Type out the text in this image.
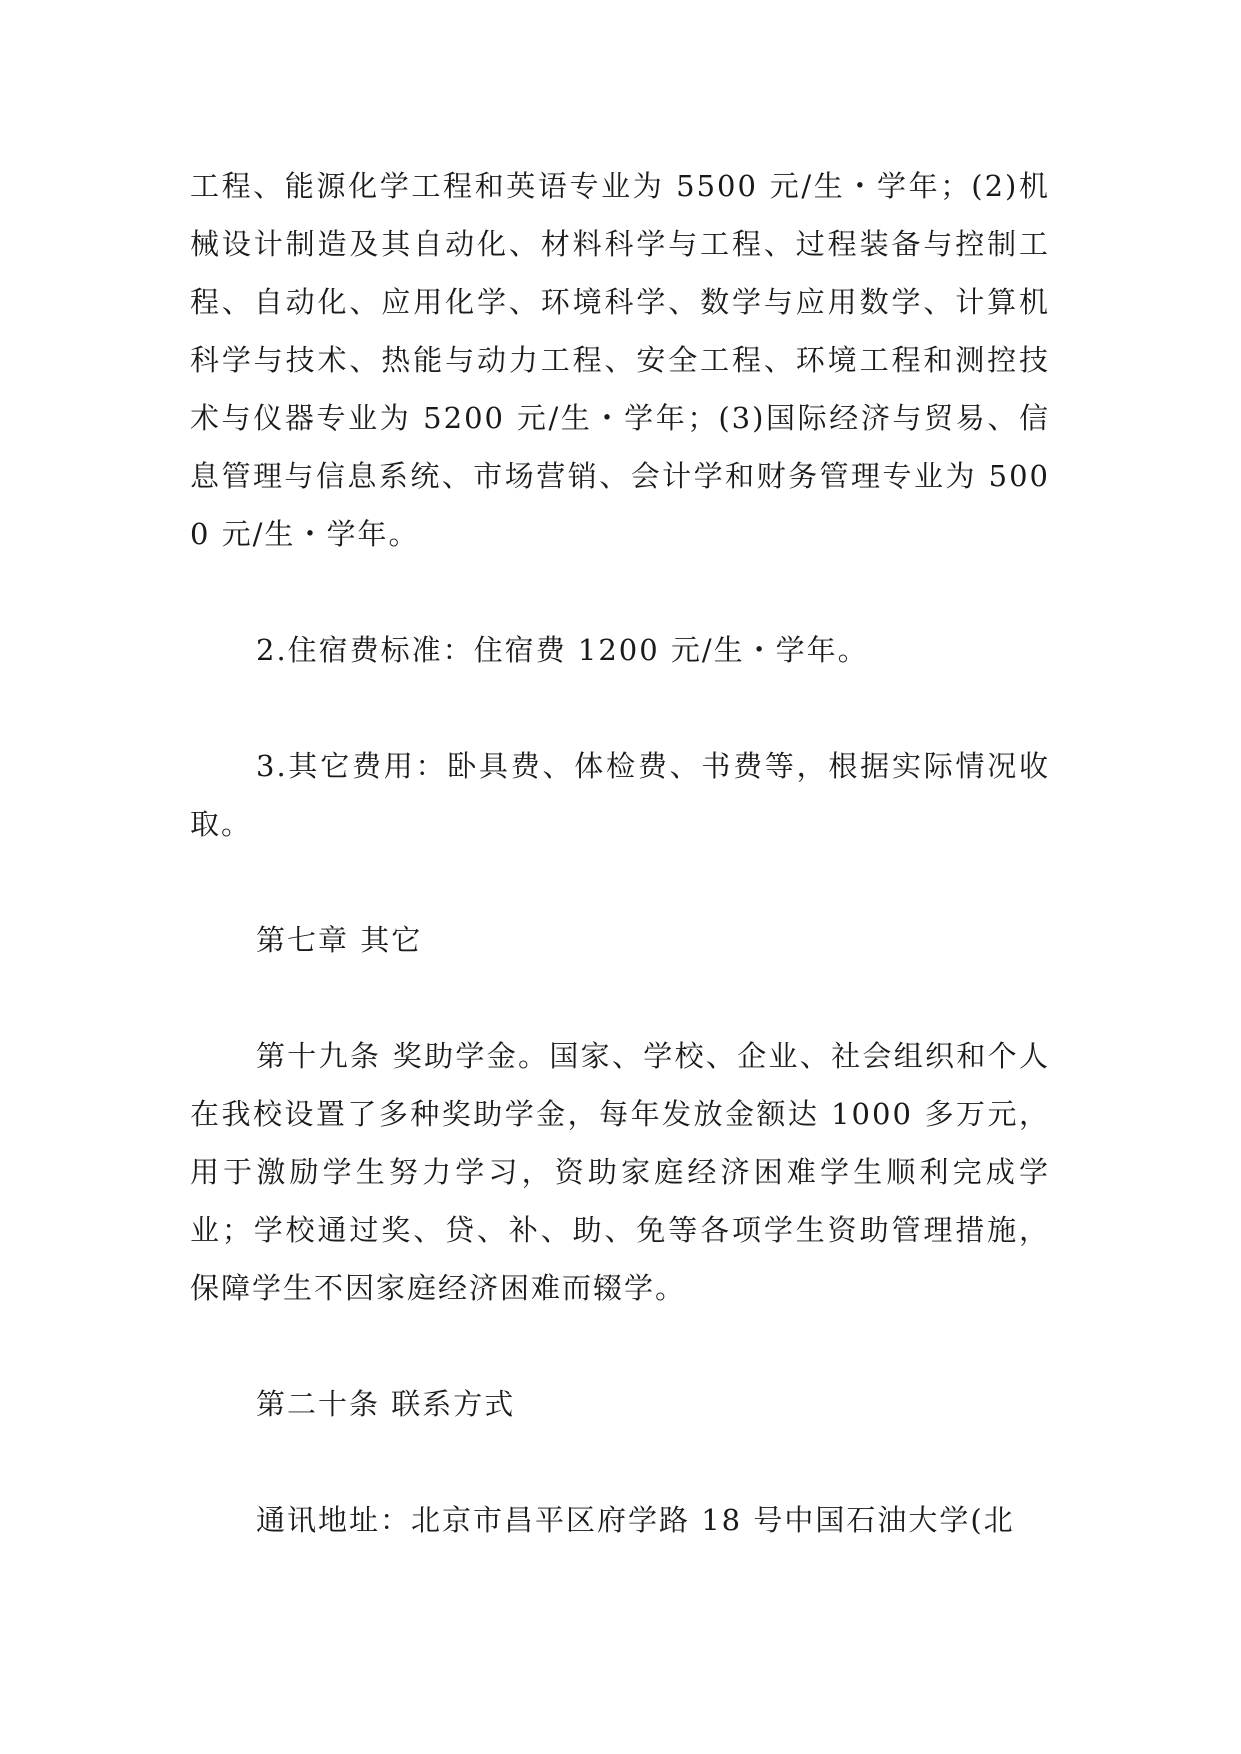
工程、能源化学工程和英语专业为 5500 元/生・学年；(2)机械设计制造及其自动化、材料科学与工程、过程装备与控制工程、自动化、应用化学、环境科学、数学与应用数学、计算机科学与技术、热能与动力工程、安全工程、环境工程和测控技术与仪器专业为 5200 元/生・学年；(3)国际经济与贸易、信息管理与信息系统、市场营销、会计学和财务管理专业为 5000 元/生・学年。

2.住宿费标准：住宿费 1200 元/生・学年。

3.其它费用：卧具费、体检费、书费等，根据实际情况收取。

第七章 其它

第十九条 奖助学金。国家、学校、企业、社会组织和个人在我校设置了多种奖助学金，每年发放金额达 1000 多万元，用于激励学生努力学习，资助家庭经济困难学生顺利完成学业；学校通过奖、贷、补、助、免等各项学生资助管理措施，保障学生不因家庭经济困难而辍学。

第二十条 联系方式

通讯地址：北京市昌平区府学路 18 号中国石油大学(北
